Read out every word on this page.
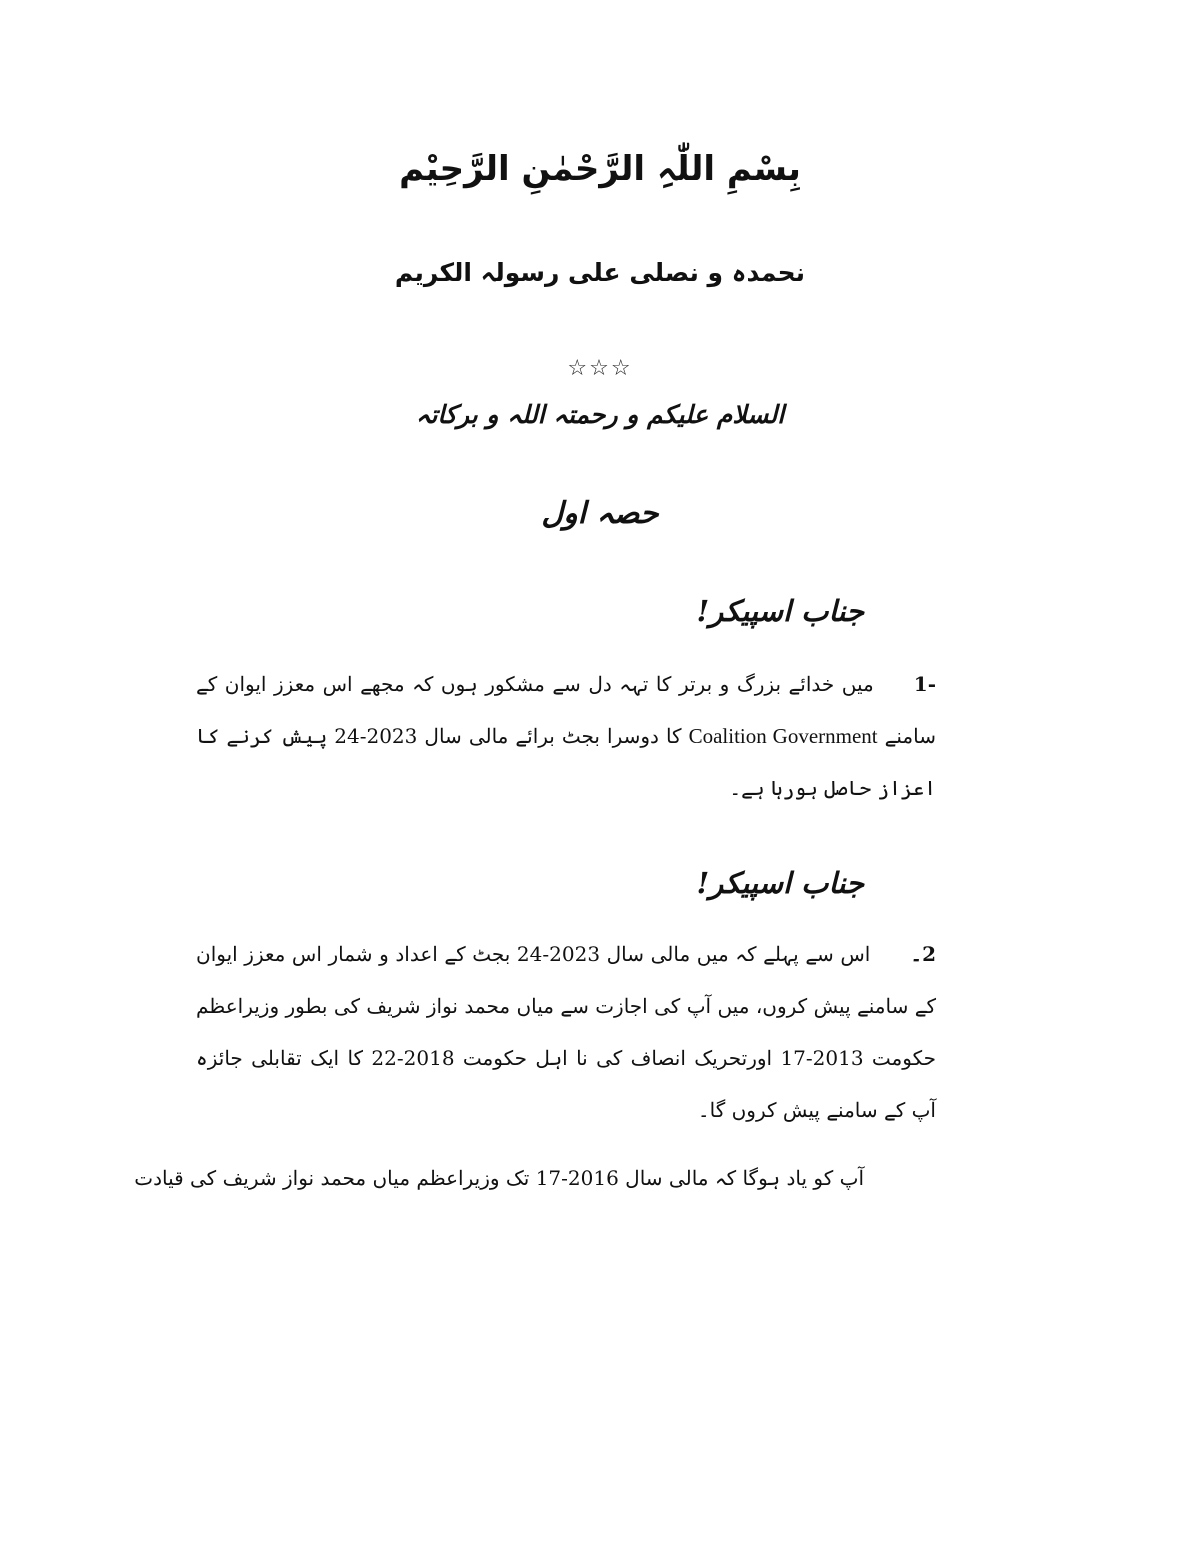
بِسْمِ اللّٰہِ الرَّحْمٰنِ الرَّحِيْم
نحمدہ و نصلی علی رسولہ الکریم
☆☆☆
السلام علیکم و رحمتہ اللہ و برکاتہ
حصہ اول
جناب اسپیکر!
-1میں خدائے بزرگ و برتر کا تہہ دل سے مشکور ہوں کہ مجھے اس معزز ایوان کے سامنے Coalition Government کا دوسرا بجٹ برائے مالی سال 2023-24 پیش کرنے کا اعزاز حاصل ہورہا ہے۔
جناب اسپیکر!
2۔اس سے پہلے کہ میں مالی سال 2023-24 بجٹ کے اعداد و شمار اس معزز ایوان کے سامنے پیش کروں، میں آپ کی اجازت سے میاں محمد نواز شریف کی بطور وزیراعظم حکومت 2013-17 اورتحریک انصاف کی نا اہل حکومت 2018-22 کا ایک تقابلی جائزہ آپ کے سامنے پیش کروں گا۔
آپ کو یاد ہوگا کہ مالی سال 2016-17 تک وزیراعظم میاں محمد نواز شریف کی قیادت
